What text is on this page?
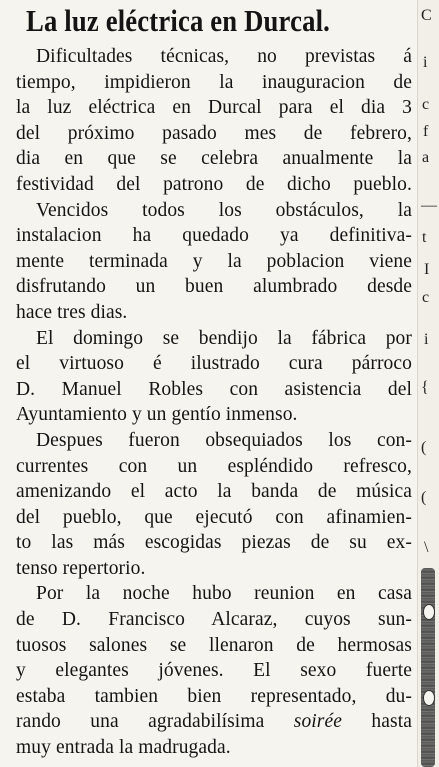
La luz eléctrica en Durcal.
Dificultades técnicas, no previstas á
tiempo, impidieron la inauguracion de
la luz eléctrica en Durcal para el dia 3
del próximo pasado mes de febrero,
dia en que se celebra anualmente la
festividad del patrono de dicho pueblo.
Vencidos todos los obstáculos, la
instalacion ha quedado ya definitiva-
mente terminada y la poblacion viene
disfrutando un buen alumbrado desde
hace tres dias.
El domingo se bendijo la fábrica por
el virtuoso é ilustrado cura párroco
D. Manuel Robles con asistencia del
Ayuntamiento y un gentío inmenso.
Despues fueron obsequiados los con-
currentes con un espléndido refresco,
amenizando el acto la banda de música
del pueblo, que ejecutó con afinamien-
to las más escogidas piezas de su ex-
tenso repertorio.
Por la noche hubo reunion en casa
de D. Francisco Alcaraz, cuyos sun-
tuosos salones se llenaron de hermosas
y elegantes jóvenes. El sexo fuerte
estaba tambien bien representado, du-
rando una agradabilísima soirée hasta
muy entrada la madrugada.
C
i
c
f
a
—
t
I
c
i
{
(
(
\
